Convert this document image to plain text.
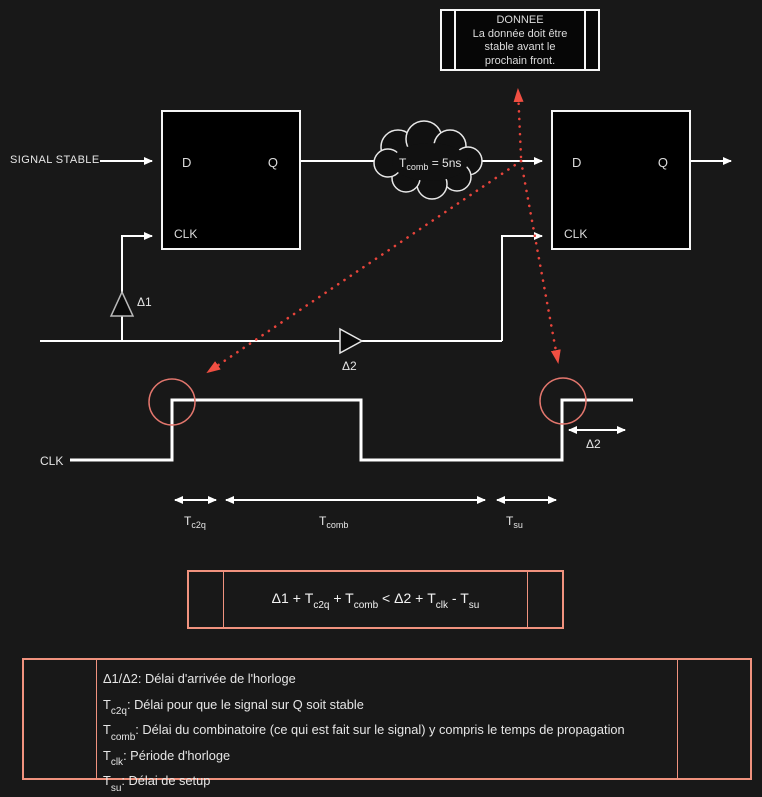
Δ1
Δ2
$T_{comb} = 5ns$
CLK
Δ2
$T_{c2q}$	$T_{comb}$	$T_{su}$
DONNEE
La donnée doit être
stable avant le
prochain front.
SIGNAL STABLE	D	Q
CLK
D	Q
CLK
$\Delta 1 + T_{c2q} + T_{comb} < \Delta 2 + T_{clk} - T_{su}$
Δ1/Δ2: Délai d'arrivée de l'horloge
$T_{c2q}$: Délai pour que le signal sur Q soit stable
$T_{comb}$: Délai du combinatoire (ce qui est fait sur le signal) y compris le temps de propagation
$T_{clk}$: Période d'horloge
$T_{su}$: Délai de setup
